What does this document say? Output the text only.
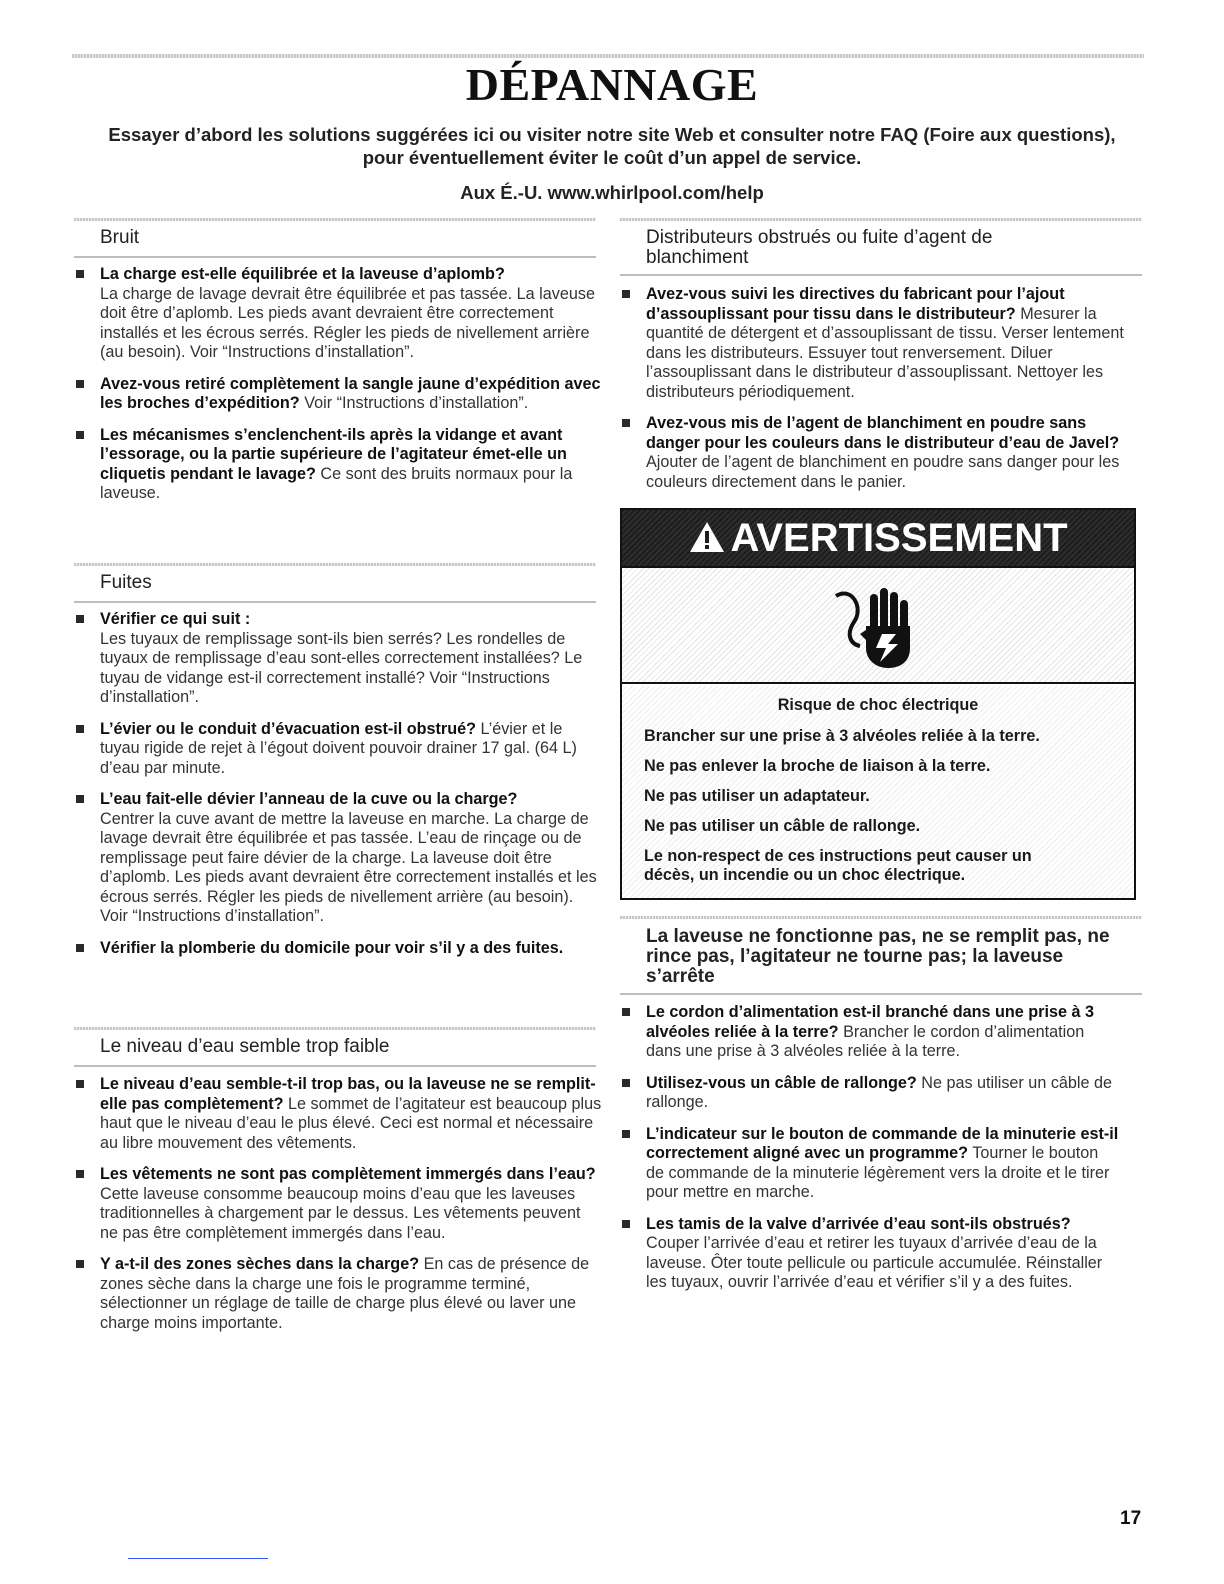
DÉPANNAGE
Essayer d’abord les solutions suggérées ici ou visiter notre site Web et consulter notre FAQ (Foire aux questions),
pour éventuellement éviter le coût d’un appel de service.
Aux É.-U. www.whirlpool.com/help
Bruit
La charge est-elle équilibrée et la laveuse d’aplomb?
La charge de lavage devrait être équilibrée et pas tassée. La laveuse doit être d’aplomb. Les pieds avant devraient être correctement installés et les écrous serrés. Régler les pieds de nivellement arrière (au besoin). Voir “Instructions d’installation”.
Avez-vous retiré complètement la sangle jaune d’expédition avec les broches d’expédition? Voir “Instructions d’installation”.
Les mécanismes s’enclenchent-ils après la vidange et avant l’essorage, ou la partie supérieure de l’agitateur émet-elle un cliquetis pendant le lavage? Ce sont des bruits normaux pour la laveuse.
Fuites
Vérifier ce qui suit :
Les tuyaux de remplissage sont-ils bien serrés? Les rondelles de tuyaux de remplissage d’eau sont-elles correctement installées? Le tuyau de vidange est-il correctement installé? Voir “Instructions d’installation”.
L’évier ou le conduit d’évacuation est-il obstrué? L’évier et le tuyau rigide de rejet à l’égout doivent pouvoir drainer 17 gal. (64 L) d’eau par minute.
L’eau fait-elle dévier l’anneau de la cuve ou la charge?
Centrer la cuve avant de mettre la laveuse en marche. La charge de lavage devrait être équilibrée et pas tassée. L’eau de rinçage ou de remplissage peut faire dévier de la charge. La laveuse doit être d’aplomb. Les pieds avant devraient être correctement installés et les écrous serrés. Régler les pieds de nivellement arrière (au besoin). Voir “Instructions d’installation”.
Vérifier la plomberie du domicile pour voir s’il y a des fuites.
Le niveau d’eau semble trop faible
Le niveau d’eau semble-t-il trop bas, ou la laveuse ne se remplit-elle pas complètement? Le sommet de l’agitateur est beaucoup plus haut que le niveau d’eau le plus élevé. Ceci est normal et nécessaire au libre mouvement des vêtements.
Les vêtements ne sont pas complètement immergés dans l’eau? Cette laveuse consomme beaucoup moins d’eau que les laveuses traditionnelles à chargement par le dessus. Les vêtements peuvent ne pas être complètement immergés dans l’eau.
Y a-t-il des zones sèches dans la charge? En cas de présence de zones sèche dans la charge une fois le programme terminé, sélectionner un réglage de taille de charge plus élevé ou laver une charge moins importante.
Distributeurs obstrués ou fuite d’agent de blanchiment
Avez-vous suivi les directives du fabricant pour l’ajout d’assouplissant pour tissu dans le distributeur? Mesurer la quantité de détergent et d’assouplissant de tissu. Verser lentement dans les distributeurs. Essuyer tout renversement. Diluer l’assouplissant dans le distributeur d’assouplissant. Nettoyer les distributeurs périodiquement.
Avez-vous mis de l’agent de blanchiment en poudre sans danger pour les couleurs dans le distributeur d’eau de Javel? Ajouter de l’agent de blanchiment en poudre sans danger pour les couleurs directement dans le panier.
AVERTISSEMENT

Risque de choc électrique

Brancher sur une prise à 3 alvéoles reliée à la terre.

Ne pas enlever la broche de liaison à la terre.

Ne pas utiliser un adaptateur.

Ne pas utiliser un câble de rallonge.

Le non-respect de ces instructions peut causer un décès, un incendie ou un choc électrique.

La laveuse ne fonctionne pas, ne se remplit pas, ne rince pas, l’agitateur ne tourne pas; la laveuse s’arrête
Le cordon d’alimentation est-il branché dans une prise à 3 alvéoles reliée à la terre? Brancher le cordon d’alimentation dans une prise à 3 alvéoles reliée à la terre.
Utilisez-vous un câble de rallonge? Ne pas utiliser un câble de rallonge.
L’indicateur sur le bouton de commande de la minuterie est-il correctement aligné avec un programme? Tourner le bouton de commande de la minuterie légèrement vers la droite et le tirer pour mettre en marche.
Les tamis de la valve d’arrivée d’eau sont-ils obstrués?
Couper l’arrivée d’eau et retirer les tuyaux d’arrivée d’eau de la laveuse. Ôter toute pellicule ou particule accumulée. Réinstaller les tuyaux, ouvrir l’arrivée d’eau et vérifier s’il y a des fuites.
17
